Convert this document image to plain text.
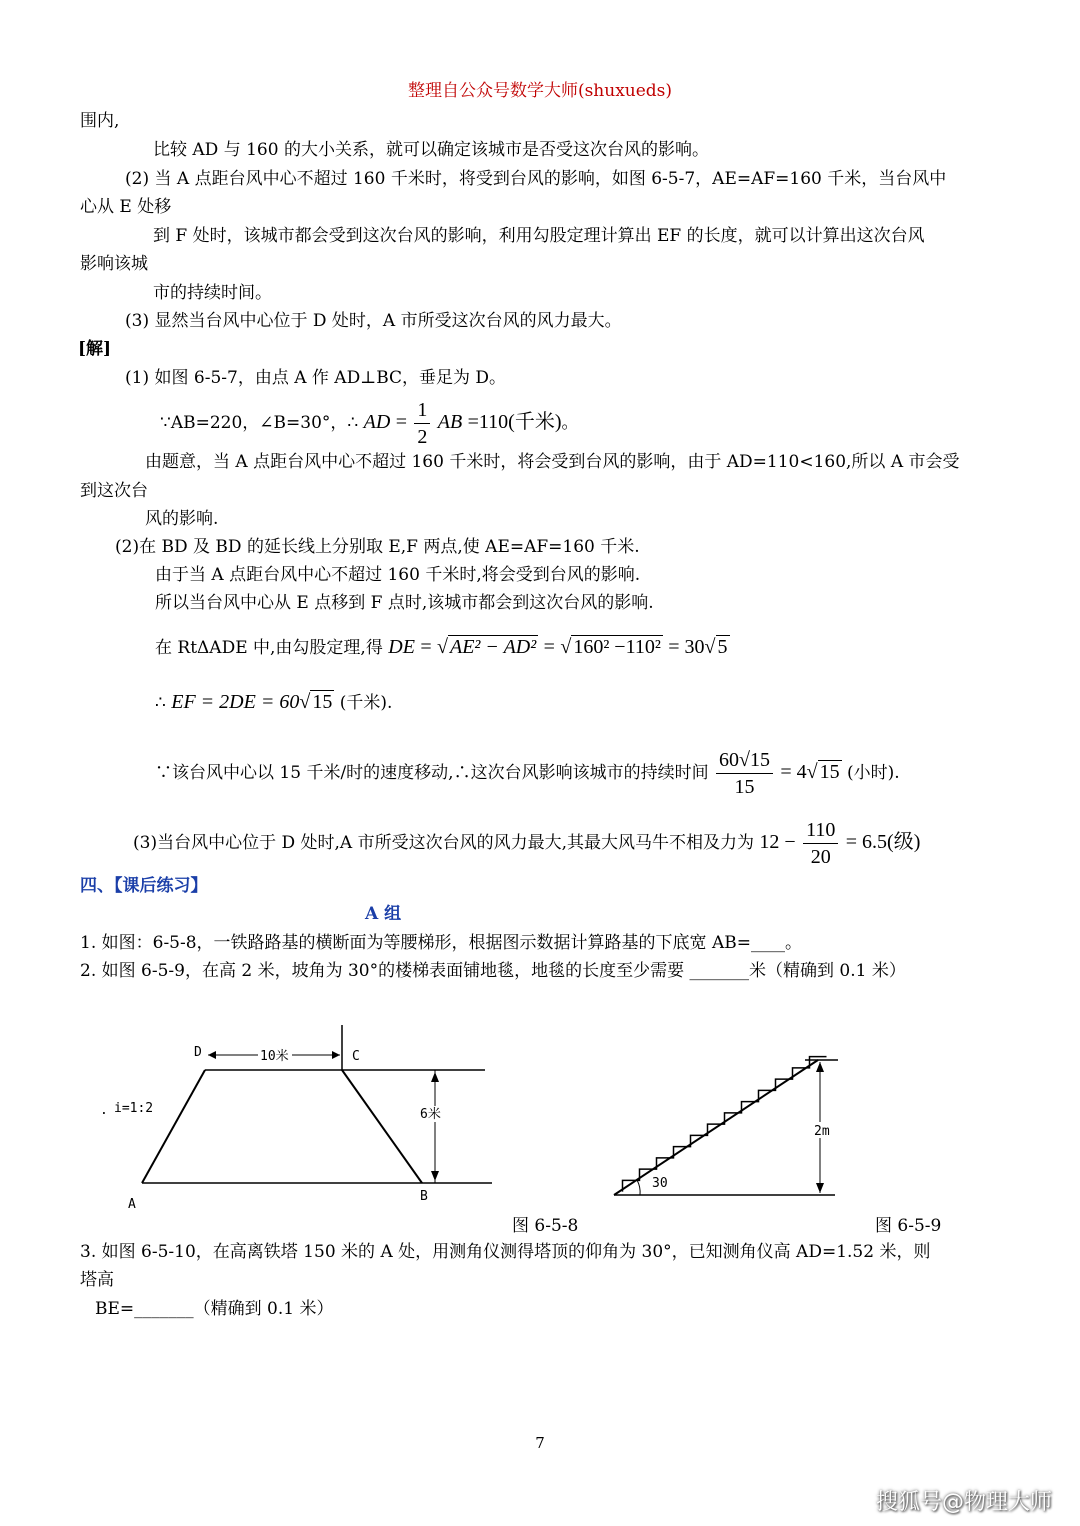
整理自公众号数学大师(shuxueds)
围内,
比较 AD 与 160 的大小关系，就可以确定该城市是否受这次台风的影响。
(2) 当 A 点距台风中心不超过 160 千米时，将受到台风的影响，如图 6-5-7，AE=AF=160 千米，当台风中
心从 E 处移
到 F 处时，该城市都会受到这次台风的影响，利用勾股定理计算出 EF 的长度，就可以计算出这次台风
影响该城
市的持续时间。
(3) 显然当台风中心位于 D 处时，A 市所受这次台风的风力最大。
[解]
(1) 如图 6-5-7，由点 A 作 AD⊥BC，垂足为 D。
∵AB=220，∠B=30°，∴ AD = $\frac{1}{2}$ AB =110(千米)。
由题意，当 A 点距台风中心不超过 160 千米时，将会受到台风的影响，由于 AD=110<160,所以 A 市会受
到这次台
风的影响.
(2)在 BD 及 BD 的延长线上分别取 E,F 两点,使 AE=AF=160 千米.
由于当 A 点距台风中心不超过 160 千米时,将会受到台风的影响.
所以当台风中心从 E 点移到 F 点时,该城市都会到这次台风的影响.
在 RtΔADE 中,由勾股定理,得 DE = √ AE² − AD² = √ 160² −110² = 30√ 5
∴ EF = 2DE = 60√ 15 (千米).
∵该台风中心以 15 千米/时的速度移动,∴这次台风影响该城市的持续时间 $\frac{60√15}{15} = 4√$ 15 (小时).
(3)当台风中心位于 D 处时,A 市所受这次台风的风力最大,其最大风马牛不相及力为 $12 - \frac{110}{20} = 6.5$(级)
四、【课后练习】
A 组
1. 如图：6-5-8，一铁路路基的横断面为等腰梯形，根据图示数据计算路基的下底宽 AB=____。
2. 如图 6-5-9，在高 2 米，坡角为 30°的楼梯表面铺地毯，地毯的长度至少需要 _______米（精确到 0.1 米）
10米
6米
D	C
A
B
i=1:2
.
图 6-5-8
2m
30
图 6-5-9
3. 如图 6-5-10，在高离铁塔 150 米的 A 处，用测角仪测得塔顶的仰角为 30°，已知测角仪高 AD=1.52 米，则
塔高
BE=_______（精确到 0.1 米）
7
搜狐号@物理大师
